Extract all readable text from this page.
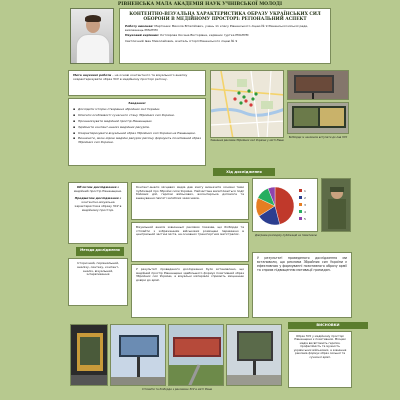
РІВНЕНСЬКА МАЛА АКАДЕМІЯ НАУК УЧНІВСЬКОЇ МОЛОДІ
КОНТЕНТНО-ВІЗУАЛЬНА ХАРАКТЕРИСТИКА ОБРАЗУ УКРАЇНСЬКИХ СИЛ ОБОРОНИ В МЕДІЙНОМУ ПРОСТОРІ: РЕГІОНАЛЬНИЙ АСПЕКТ
Роботу виконав: Мартинюк Микола Віталійович, учень 11 класу Рівненського ліцею № 9 Рівненської міської ради, вихованець РМАНУМ
Науковий керівник: Котлярова Оксана Вікторівна, керівник гуртка РМАНУМ
Свєтличний Іван Миколайович, вчитель історії Рівненського ліцею № 9
Мета наукової роботи – на основі контентного та візуального аналізу охарактеризувати образ ЗСУ в медійному просторі регіону.
Завдання:
▪ Дослідити історію створення збройних сил України.
▪ Описати особливості сучасного стану Збройних сил України.
▪ Проаналізувати медійний простір Рівненщини.
▪ Здійснити контент-аналіз медійних ресурсів.
▪ Охарактеризувати візуальний образ Збройних сил України на Рівненщині.
▪ Визначити, якою мірою медійні ресурси регіону формують позитивний образ Збройних сил України.	Зовнішня реклама Збройних сил України у місті Рівне
Білборди із закликом вступати до лав ЗСУ
Хід дослідження
Об'єктом дослідження є медійний простір Рівненщини.

Предметом дослідження є контентно-візуальна характеристика образу ЗСУ в медійному просторі.
Методи дослідження
Історичний, порівняльний, аналізу, синтезу, контент-аналіз, візуальний, інтерв'ювання
Контент-аналіз місцевих медіа дав змогу визначити основні теми публікацій про Збройні сили України. Найчастіше висвітлюються події бойових дій, героїзм військових, волонтерська допомога та вшанування пам'яті загиблих захисників.
Візуальний аналіз зовнішньої реклами показав, що білборди та сітілайти з зображенням військових розміщені переважно в центральній частині міста, на основних транспортних магістралях.
У результаті проведеного дослідження було встановлено, що медійний простір Рівненщини здебільшого формує позитивний образ Збройних сил України, а візуальні матеріали сприяють зміцненню довіри до армії.
1
2
3
4
5
Діаграма розподілу публікацій за тематикою
У результаті проведеного дослідження ми встановили, що реклама Збройних сил України є ефективною у формуванні позитивного образу армії та сприяє підвищенню мотивації громадян.
Сітілайти та білборди з рекламою ЗСУ в місті Рівне
ВИСНОВКИ
Образ ЗСУ у медійному просторі Рівненщини є позитивним. Місцеві медіа висвітлюють героїзм, професійність та мужність українських військових, а зовнішня реклама формує образ сильної та сучасної армії.
